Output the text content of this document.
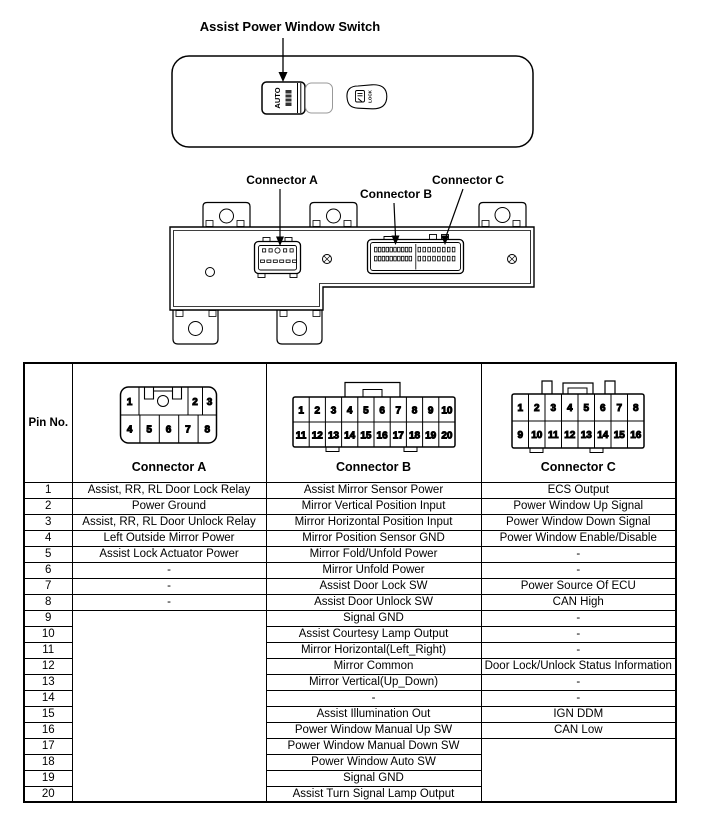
Assist Power Window Switch
AUTO	LOCK
Connector A
Connector B
Connector C
Pin No.	
1	2 3
4 5 6 7 8
Connector A

1 2 3 4 5 6 7 8 9 10
11 12 13 14 15 16 17 18 19 20
Connector B

1 2 3 4 5 6 7 8
9 10 11 12 13 14 15 16
Connector C

1	Assist, RR, RL Door Lock Relay	Assist Mirror Sensor Power	ECS Output
2	Power Ground	Mirror Vertical Position Input	Power Window Up Signal
3	Assist, RR, RL Door Unlock Relay	Mirror Horizontal Position Input	Power Window Down Signal
4	Left Outside Mirror Power	Mirror Position Sensor GND	Power Window Enable/Disable
5	Assist Lock Actuator Power	Mirror Fold/Unfold Power	-
6	-	Mirror Unfold Power	-
7	-	Assist Door Lock SW	Power Source Of ECU
8	-	Assist Door Unlock SW	CAN High
9		Signal GND	-
10		Assist Courtesy Lamp Output	-
11		Mirror Horizontal(Left_Right)	-
12		Mirror Common	Door Lock/Unlock Status Information
13		Mirror Vertical(Up_Down)	-
14		-	-
15		Assist Illumination Out	IGN DDM
16		Power Window Manual Up SW	CAN Low
17		Power Window Manual Down SW	
18		Power Window Auto SW	
19		Signal GND	
20		Assist Turn Signal Lamp Output	
